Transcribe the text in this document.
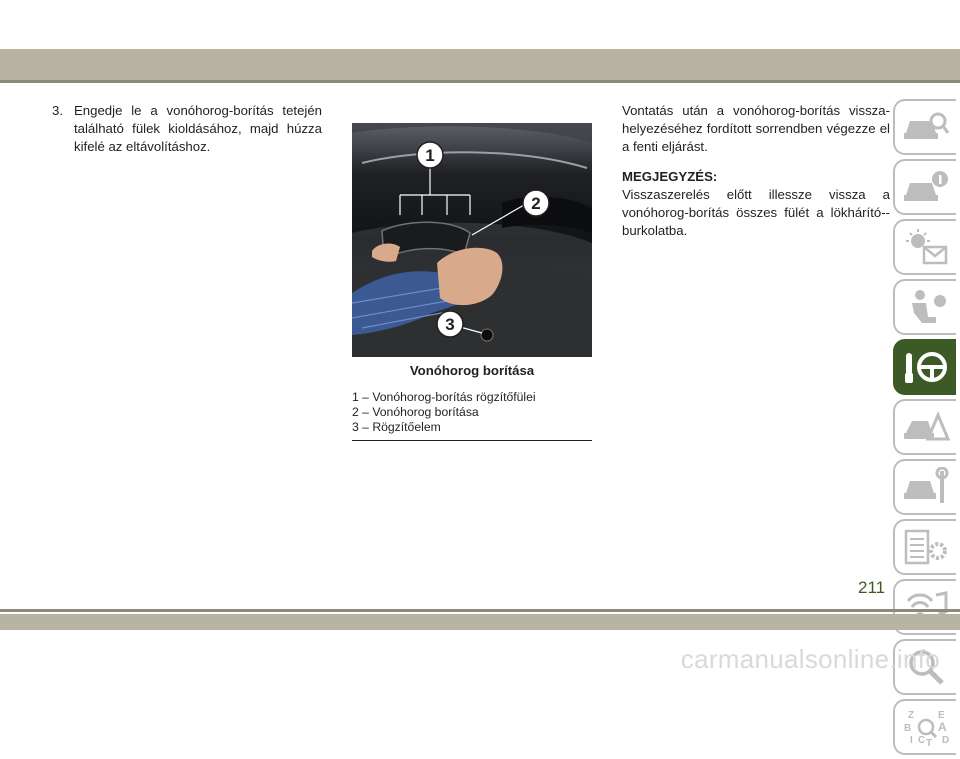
3. Engedje le a vonóhorog-borítás tetején található fülek kioldásához, majd húzza kifelé az eltávolításhoz.	1
2
3
Vonóhorog borítása
1 – Vonóhorog-borítás rögzítőfülei
2 – Vonóhorog borítása
3 – Rögzítőelem

Vontatás után a vonóhorog-borítás vissza-helyezéséhez fordított sorrendben végezze el a fenti eljárást.

MEGJEGYZÉS:

Visszaszerelés előtt illessze vissza a vonóhorog-borítás összes fülét a lökhárító--burkolatba.

Z E
B A
I C D
T
211
carmanualsonline.info
